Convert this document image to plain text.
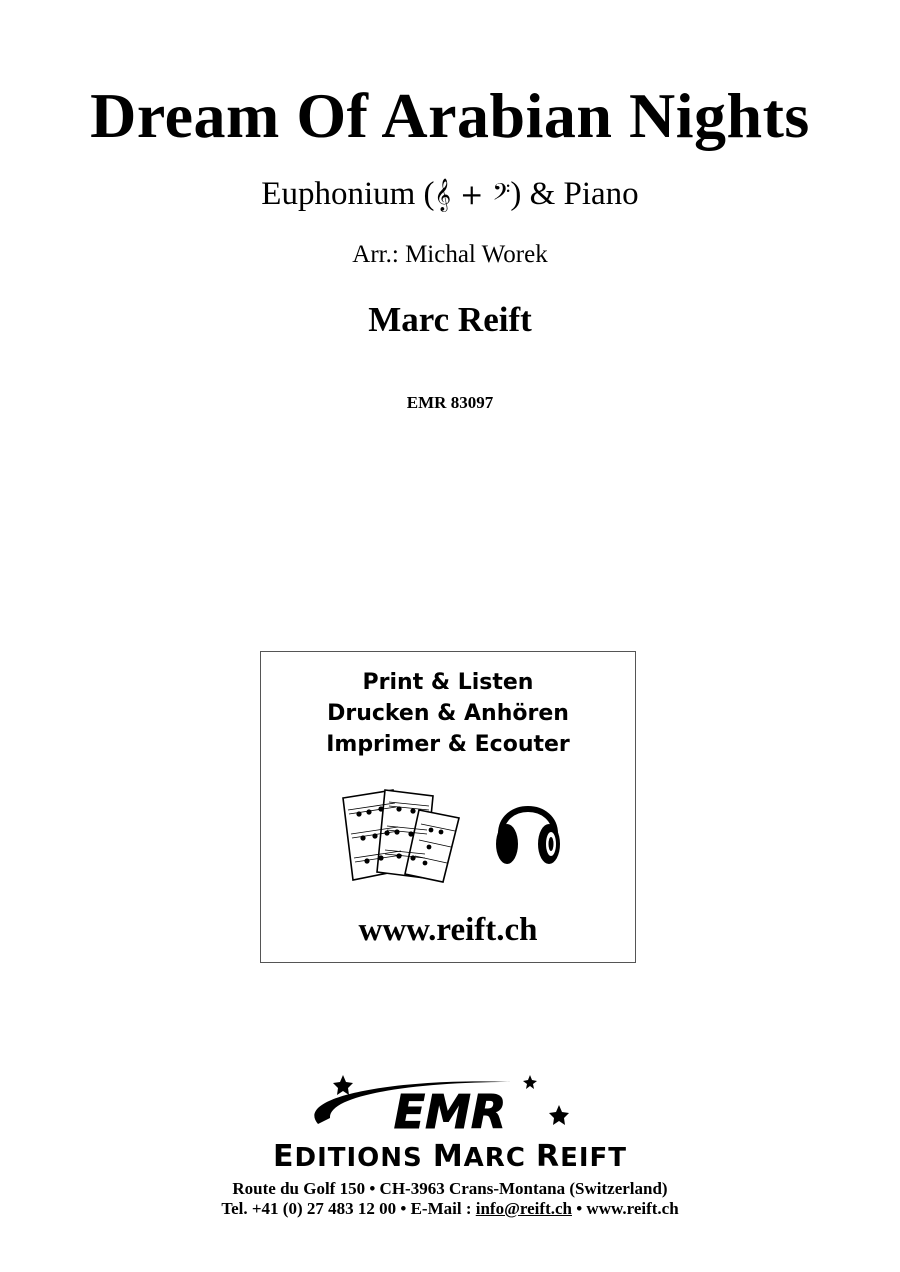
Dream Of Arabian Nights
Euphonium (𝄞 + 𝄢) & Piano
Arr.: Michal Worek
Marc Reift
EMR 83097
Print & Listen
Drucken & Anhören
Imprimer & Ecouter
www.reift.ch
EMR
EDITIONS MARC REIFT
Route du Golf 150 • CH-3963 Crans-Montana (Switzerland)
Tel. +41 (0) 27 483 12 00 • E-Mail : info@reift.ch • www.reift.ch
